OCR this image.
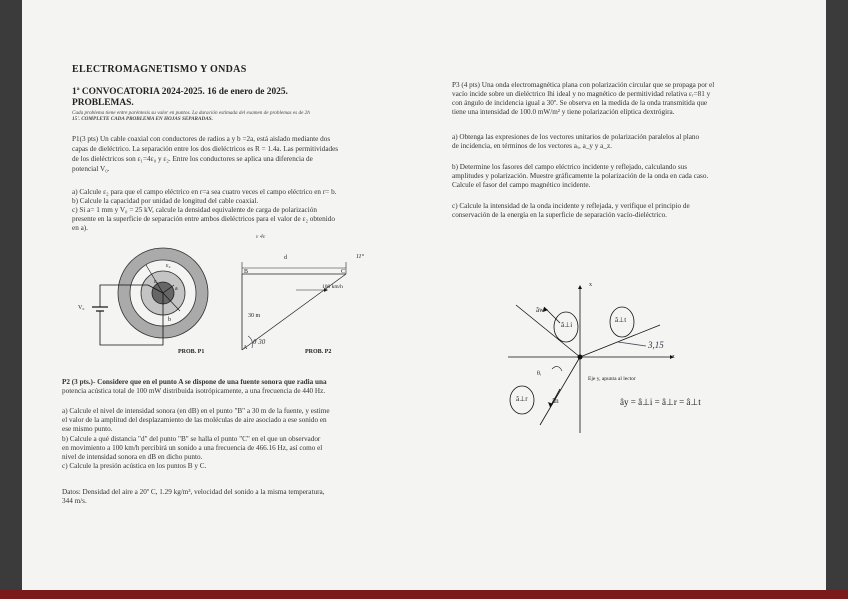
ELECTROMAGNETISMO Y ONDAS
1ª CONVOCATORIA 2024-2025. 16 de enero de 2025.
PROBLEMAS.
Cada problema tiene entre paréntesis su valor en puntos. La duración estimada del examen de problemas es de 2h
15'. COMPLETE CADA PROBLEMA EN HOJAS SEPARADAS.
P1(3 pts) Un cable coaxial con conductores de radios a y b =2a, está aislado mediante dos
capas de dieléctrico. La separación entre los dos dieléctricos es R = 1.4a. Las permitividades
de los dieléctricos son ε₁=4ε₀ y ε₂. Entre los conductores se aplica una diferencia de
potencial V₀.
a) Calcule ε₂ para que el campo eléctrico en r=a sea cuatro veces el campo eléctrico en r= b.
b) Calcule la capacidad por unidad de longitud del cable coaxial.
c) Si a= 1 mm y V₀ = 25 kV, calcule la densidad equivalente de carga de polarización
presente en la superficie de separación entre ambos dieléctricos para el valor de ε₂ obtenido
en a).
ε 4ε
ε₂
ε₁
a
b
V₀
PROB. P1
d	11°
B	C
100 km/h
30 m
A
θ 30
PROB. P2
P2 (3 pts.)- Considere que en el punto A se dispone de una fuente sonora que radia una
potencia acústica total de 100 mW distribuida isotrópicamente, a una frecuencia de 440 Hz.
a) Calcule el nivel de intensidad sonora (en dB) en el punto "B" a 30 m de la fuente, y estime
el valor de la amplitud del desplazamiento de las moléculas de aire asociado a ese sonido en
ese mismo punto.
b) Calcule a qué distancia "d" del punto "B" se halla el punto "C" en el que un observador
en movimiento a 100 km/h percibirá un sonido a una frecuencia de 466.16 Hz, así como el
nivel de intensidad sonora en dB en dicho punto.
c) Calcule la presión acústica en los puntos B y C.
Datos: Densidad del aire a 20º C, 1.29 kg/m³, velocidad del sonido a la misma temperatura,
344 m/s.
P3 (4 pts) Una onda electromagnética plana con polarización circular que se propaga por el
vacío incide sobre un dieléctrico lhi ideal y no magnético de permitividad relativa εᵣ=81 y
con ángulo de incidencia igual a 30º. Se observa en la medida de la onda transmitida que
tiene una intensidad de 100.0 mW/m² y tiene polarización elíptica dextrógira.
a) Obtenga las expresiones de los vectores unitarios de polarización paralelos al plano
de incidencia, en términos de los vectores aₓ, a_y y a_z.
b) Determine los fasores del campo eléctrico incidente y reflejado, calculando sus
amplitudes y polarización. Muestre gráficamente la polarización de la onda en cada caso.
Calcule el fasor del campo magnético incidente.
c) Calcule la intensidad de la onda incidente y reflejada, y verifique el principio de
conservación de la energía en la superficie de separación vacío-dieléctrico.
x
z
âw
â⊥i
â⊥t
â⊥r	ân
θᵢ
3,15
Eje y, apunta al lector
ây = â⊥i = â⊥r = â⊥t
